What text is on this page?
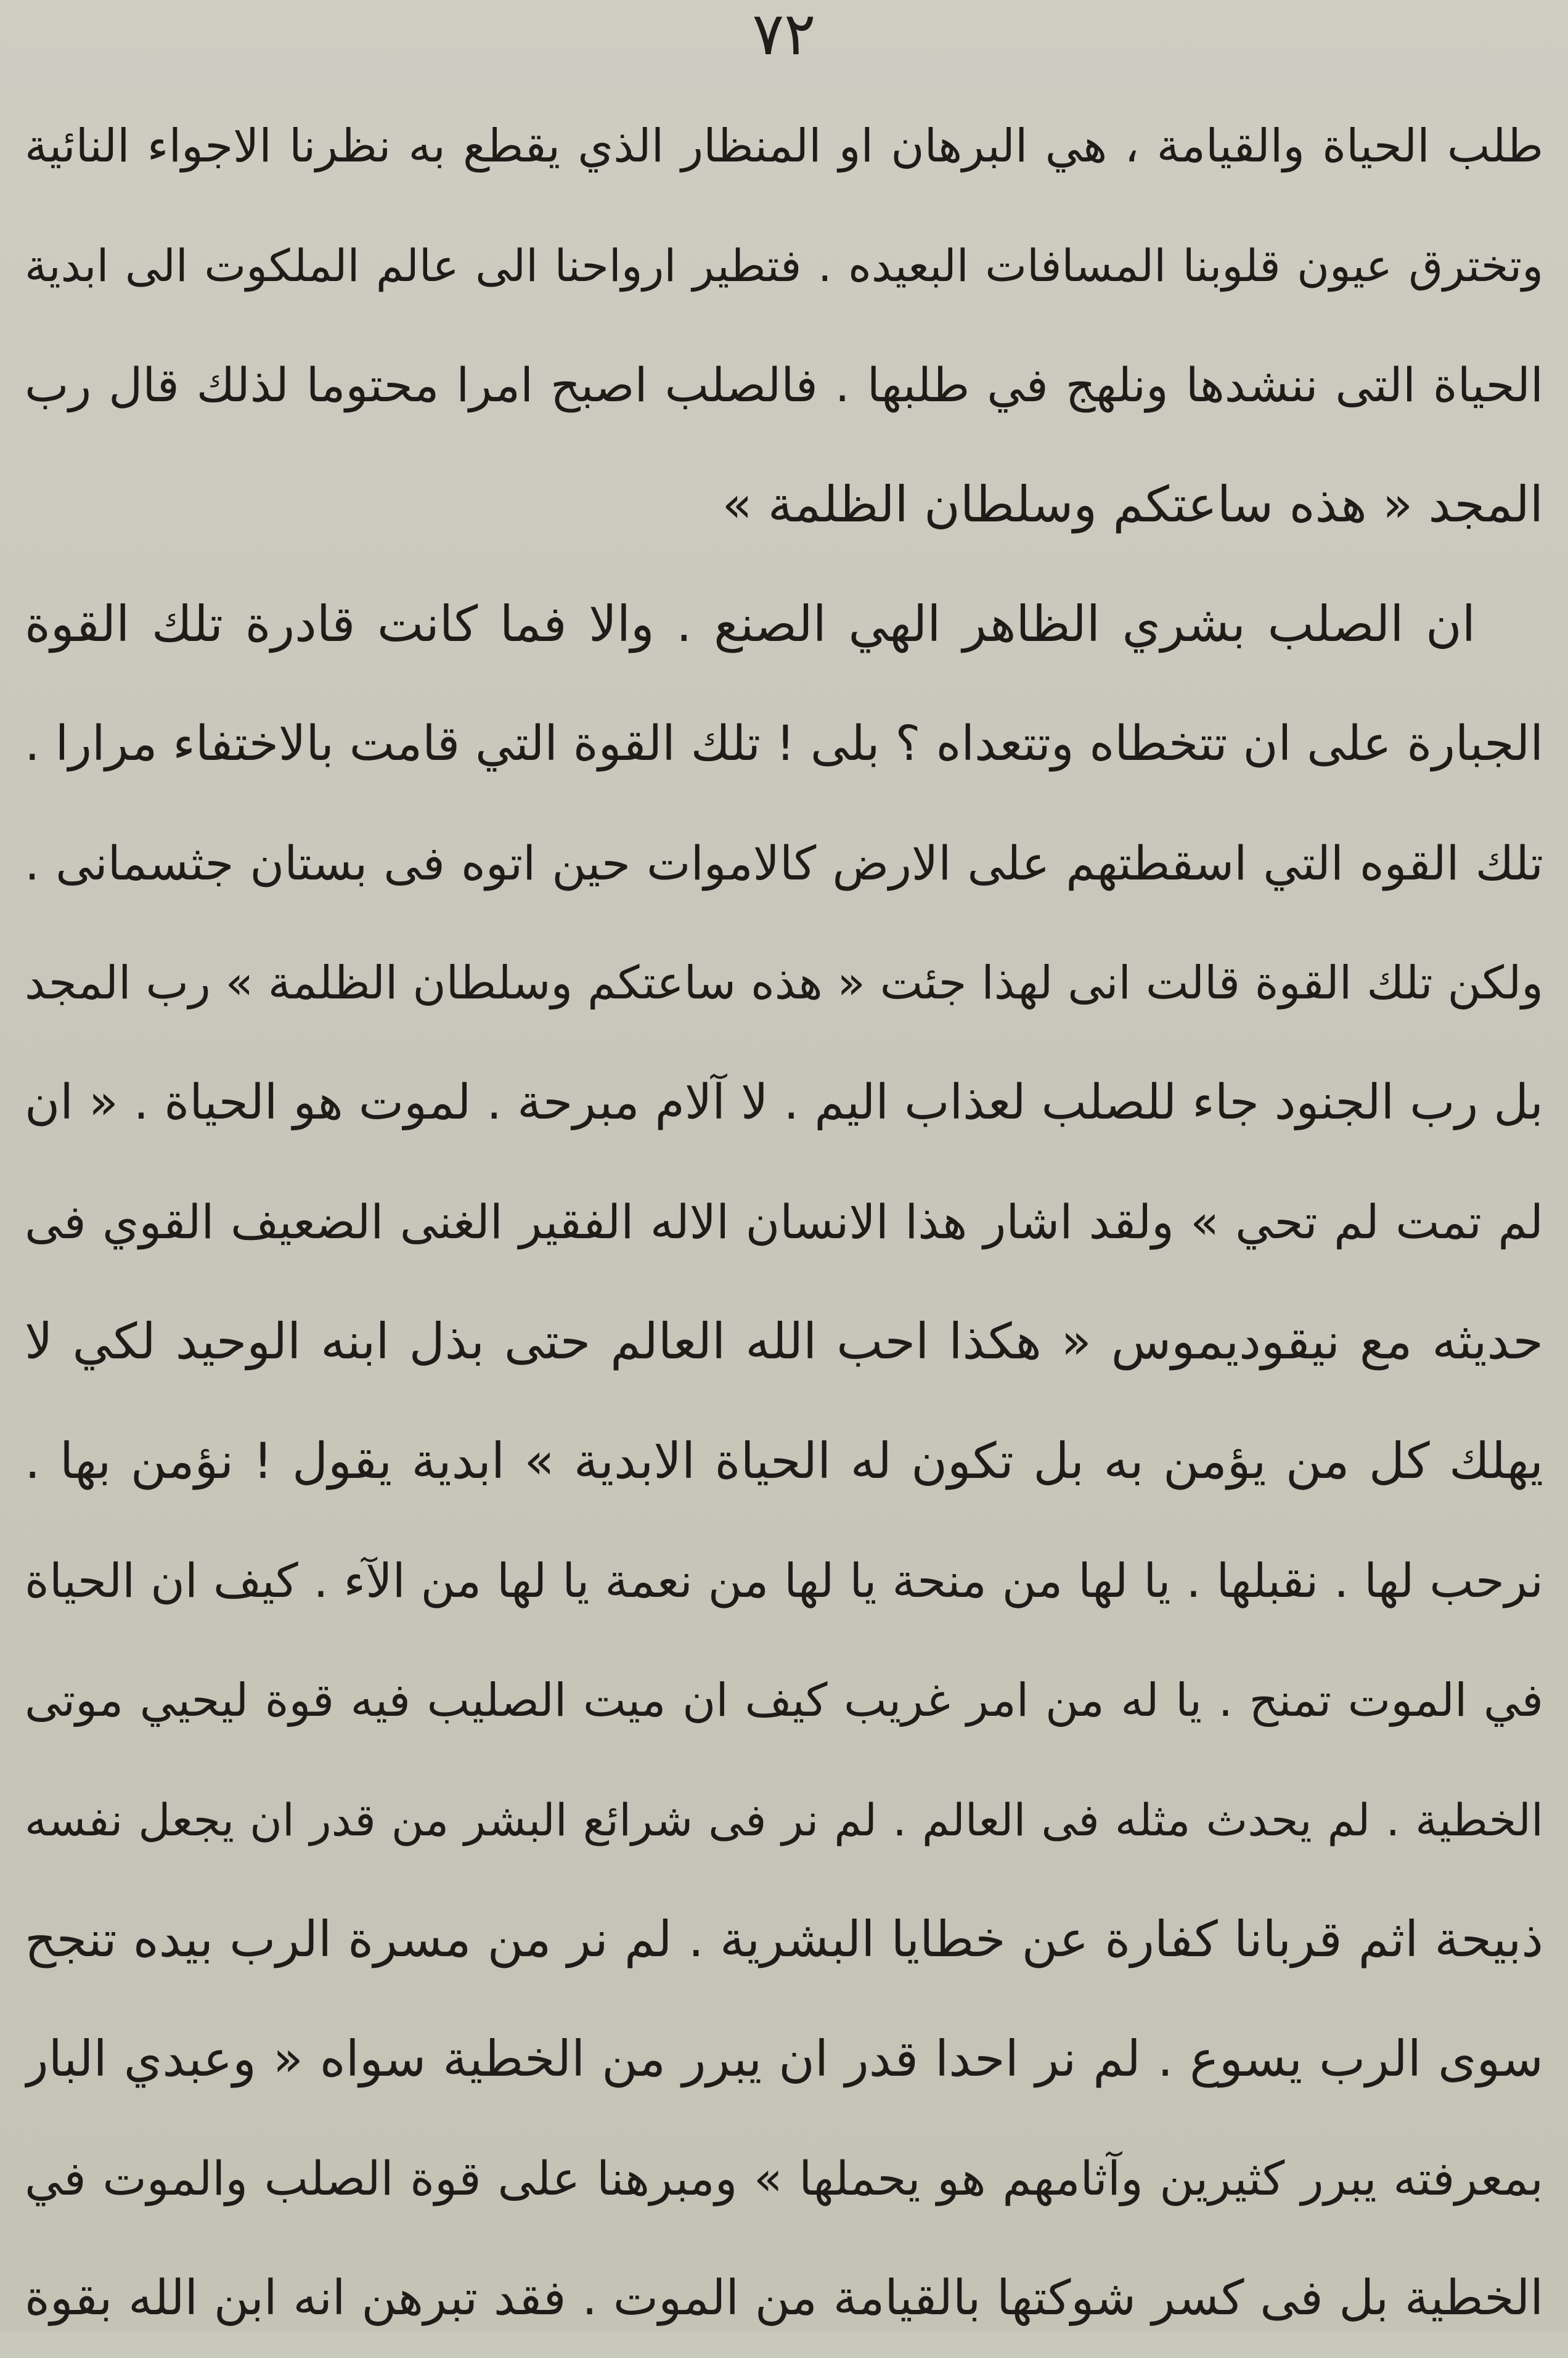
٧٢
طلب الحياة والقيامة ، هي البرهان او المنظار الذي يقطع به نظرنا الاجواء النائية
وتخترق عيون قلوبنا المسافات البعيده . فتطير ارواحنا الى عالم الملكوت الى ابدية
الحياة التى ننشدها ونلهج في طلبها . فالصلب اصبح امرا محتوما لذلك قال رب
المجد « هذه ساعتكم وسلطان الظلمة »
ان الصلب بشري الظاهر الهي الصنع . والا فما كانت قادرة تلك القوة
الجبارة على ان تتخطاه وتتعداه ؟ بلى ! تلك القوة التي قامت بالاختفاء مرارا .
تلك القوه التي اسقطتهم على الارض كالاموات حين اتوه فى بستان جثسمانى .
ولكن تلك القوة قالت انى لهذا جئت « هذه ساعتكم وسلطان الظلمة » رب المجد
بل رب الجنود جاء للصلب لعذاب اليم . لا آلام مبرحة . لموت هو الحياة . « ان
لم تمت لم تحي » ولقد اشار هذا الانسان الاله الفقير الغنى الضعيف القوي فى
حديثه مع نيقوديموس « هكذا احب الله العالم حتى بذل ابنه الوحيد لكي لا
يهلك كل من يؤمن به بل تكون له الحياة الابدية » ابدية يقول ! نؤمن بها .
نرحب لها . نقبلها . يا لها من منحة يا لها من نعمة يا لها من الآء . كيف ان الحياة
في الموت تمنح . يا له من امر غريب كيف ان ميت الصليب فيه قوة ليحيي موتى
الخطية . لم يحدث مثله فى العالم . لم نر فى شرائع البشر من قدر ان يجعل نفسه
ذبيحة اثم قربانا كفارة عن خطايا البشرية . لم نر من مسرة الرب بيده تنجح
سوى الرب يسوع . لم نر احدا قدر ان يبرر من الخطية سواه « وعبدي البار
بمعرفته يبرر كثيرين وآثامهم هو يحملها » ومبرهنا على قوة الصلب والموت في
الخطية بل فى كسر شوكتها بالقيامة من الموت . فقد تبرهن انه ابن الله بقوة
